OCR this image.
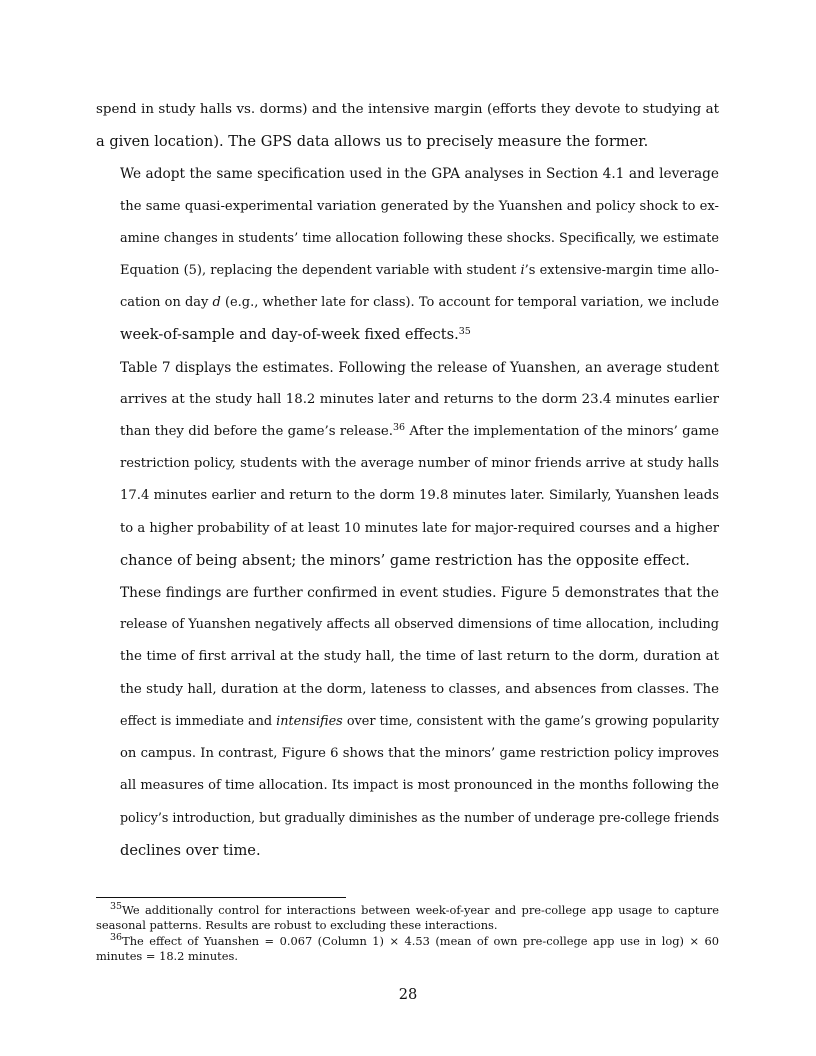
spend in study halls vs. dorms) and the intensive margin (efforts they devote to studying at
a given location). The GPS data allows us to precisely measure the former.

We adopt the same specification used in the GPA analyses in Section 4.1 and leverage
the same quasi-experimental variation generated by the Yuanshen and policy shock to ex-
amine changes in students’ time allocation following these shocks. Specifically, we estimate
Equation (5), replacing the dependent variable with student i’s extensive-margin time allo-
cation on day d (e.g., whether late for class). To account for temporal variation, we include
week-of-sample and day-of-week fixed effects.$^{35}$

Table 7 displays the estimates. Following the release of Yuanshen, an average student
arrives at the study hall 18.2 minutes later and returns to the dorm 23.4 minutes earlier
than they did before the game’s release.$^{36}$ After the implementation of the minors’ game
restriction policy, students with the average number of minor friends arrive at study halls
17.4 minutes earlier and return to the dorm 19.8 minutes later. Similarly, Yuanshen leads
to a higher probability of at least 10 minutes late for major-required courses and a higher
chance of being absent; the minors’ game restriction has the opposite effect.

These findings are further confirmed in event studies. Figure 5 demonstrates that the
release of Yuanshen negatively affects all observed dimensions of time allocation, including
the time of first arrival at the study hall, the time of last return to the dorm, duration at
the study hall, duration at the dorm, lateness to classes, and absences from classes. The
effect is immediate and intensifies over time, consistent with the game’s growing popularity
on campus. In contrast, Figure 6 shows that the minors’ game restriction policy improves
all measures of time allocation. Its impact is most pronounced in the months following the
policy’s introduction, but gradually diminishes as the number of underage pre-college friends
declines over time.

$^{35}$We additionally control for interactions between week-of-year and pre-college app usage to capture
seasonal patterns. Results are robust to excluding these interactions.

$^{36}$The effect of Yuanshen = 0.067 (Column 1) × 4.53 (mean of own pre-college app use in log) × 60
minutes = 18.2 minutes.

28
